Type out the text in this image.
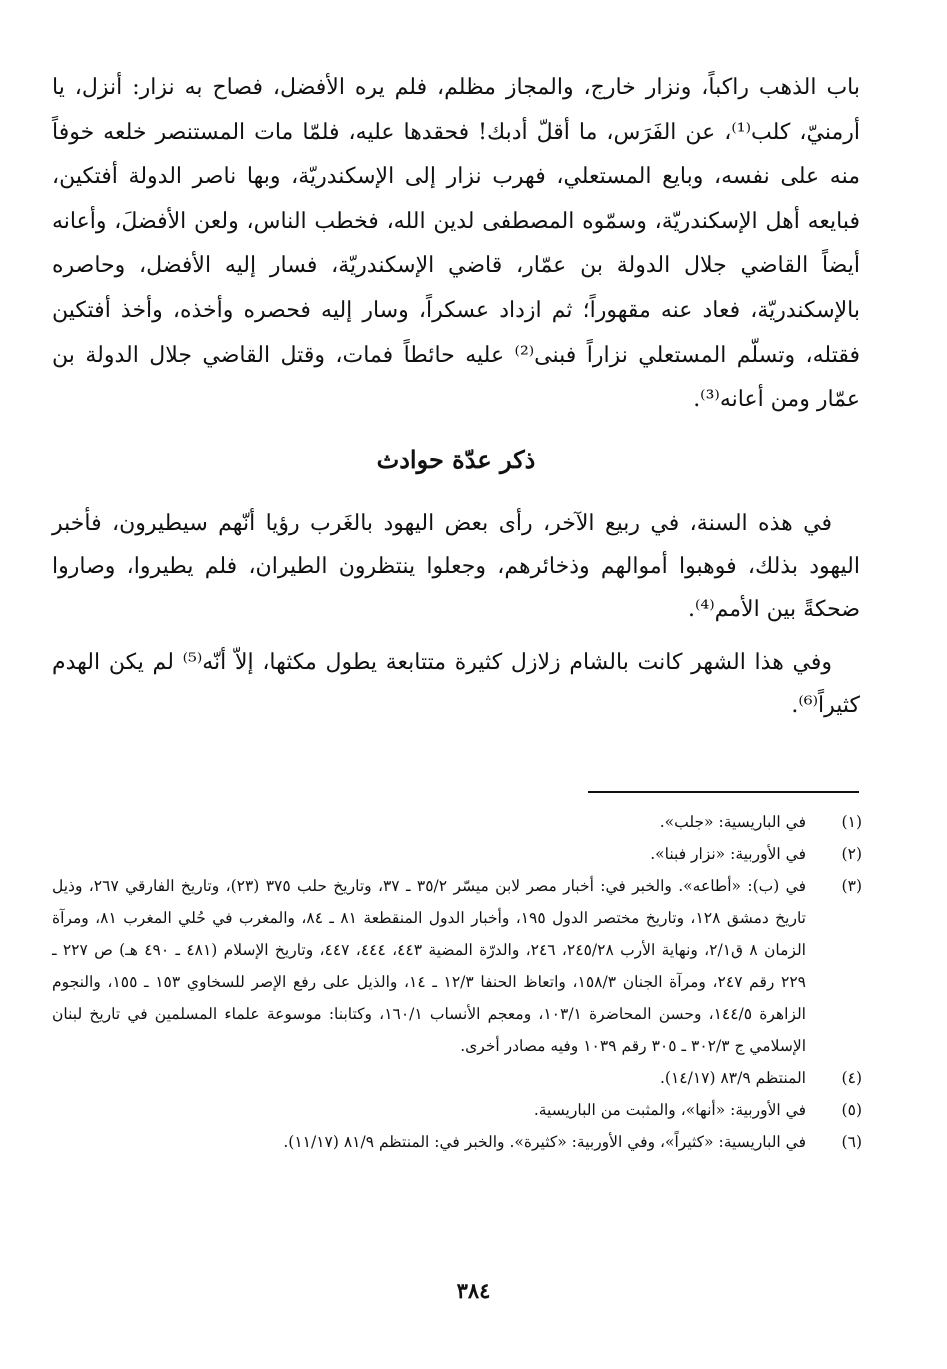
باب الذهب راكباً، ونزار خارج، والمجاز مظلم، فلم يره الأفضل، فصاح به نزار: أنزل، يا أرمنيّ، كلب⁽¹⁾، عن الفَرَس، ما أقلّ أدبك! فحقدها عليه، فلمّا مات المستنصر خلعه خوفاً منه على نفسه، وبايع المستعلي، فهرب نزار إلى الإسكندريّة، وبها ناصر الدولة أفتكين، فبايعه أهل الإسكندريّة، وسمّوه المصطفى لدين الله، فخطب الناس، ولعن الأفضلَ، وأعانه أيضاً القاضي جلال الدولة بن عمّار، قاضي الإسكندريّة، فسار إليه الأفضل، وحاصره بالإسكندريّة، فعاد عنه مقهوراً؛ ثم ازداد عسكراً، وسار إليه فحصره وأخذه، وأخذ أفتكين فقتله، وتسلّم المستعلي نزاراً فبنى⁽²⁾ عليه حائطاً فمات، وقتل القاضي جلال الدولة بن عمّار ومن أعانه⁽³⁾.

ذكر عدّة حوادث

في هذه السنة، في ربيع الآخر، رأى بعض اليهود بالغَرب رؤيا أنّهم سيطيرون، فأخبر اليهود بذلك، فوهبوا أموالهم وذخائرهم، وجعلوا ينتظرون الطيران، فلم يطيروا، وصاروا ضحكةً بين الأمم⁽⁴⁾.

وفي هذا الشهر كانت بالشام زلازل كثيرة متتابعة يطول مكثها، إلاّ أنّه⁽⁵⁾ لم يكن الهدم كثيراً⁽⁶⁾.

(١)
في الباريسية: «جلب».
(٢)
في الأوربية: «نزار فبنا».
(٣)
في (ب): «أطاعه». والخبر في: أخبار مصر لابن ميسّر ٣٥/٢ ـ ٣٧، وتاريخ حلب ٣٧٥ (٢٣)، وتاريخ الفارقي ٢٦٧، وذيل تاريخ دمشق ١٢٨، وتاريخ مختصر الدول ١٩٥، وأخبار الدول المنقطعة ٨١ ـ ٨٤، والمغرب في حُلي المغرب ٨١، ومرآة الزمان ٨ ق٢/١، ونهاية الأرب ٢٤٥/٢٨، ٢٤٦، والدرّة المضية ٤٤٣، ٤٤٤، ٤٤٧، وتاريخ الإسلام (٤٨١ ـ ٤٩٠ هـ) ص ٢٢٧ ـ ٢٢٩ رقم ٢٤٧، ومرآة الجنان ١٥٨/٣، واتعاظ الحنفا ١٢/٣ ـ ١٤، والذيل على رفع الإصر للسخاوي ١٥٣ ـ ١٥٥، والنجوم الزاهرة ١٤٤/٥، وحسن المحاضرة ١٠٣/١، ومعجم الأنساب ١٦٠/١، وكتابنا: موسوعة علماء المسلمين في تاريخ لبنان الإسلامي ج ٣٠٢/٣ ـ ٣٠٥ رقم ١٠٣٩ وفيه مصادر أخرى.
(٤)
المنتظم ٨٣/٩ (١٤/١٧).
(٥)
في الأوربية: «أنها»، والمثبت من الباريسية.
(٦)
في الباريسية: «كثيراً»، وفي الأوربية: «كثيرة». والخبر في: المنتظم ٨١/٩ (١١/١٧).
٣٨٤
